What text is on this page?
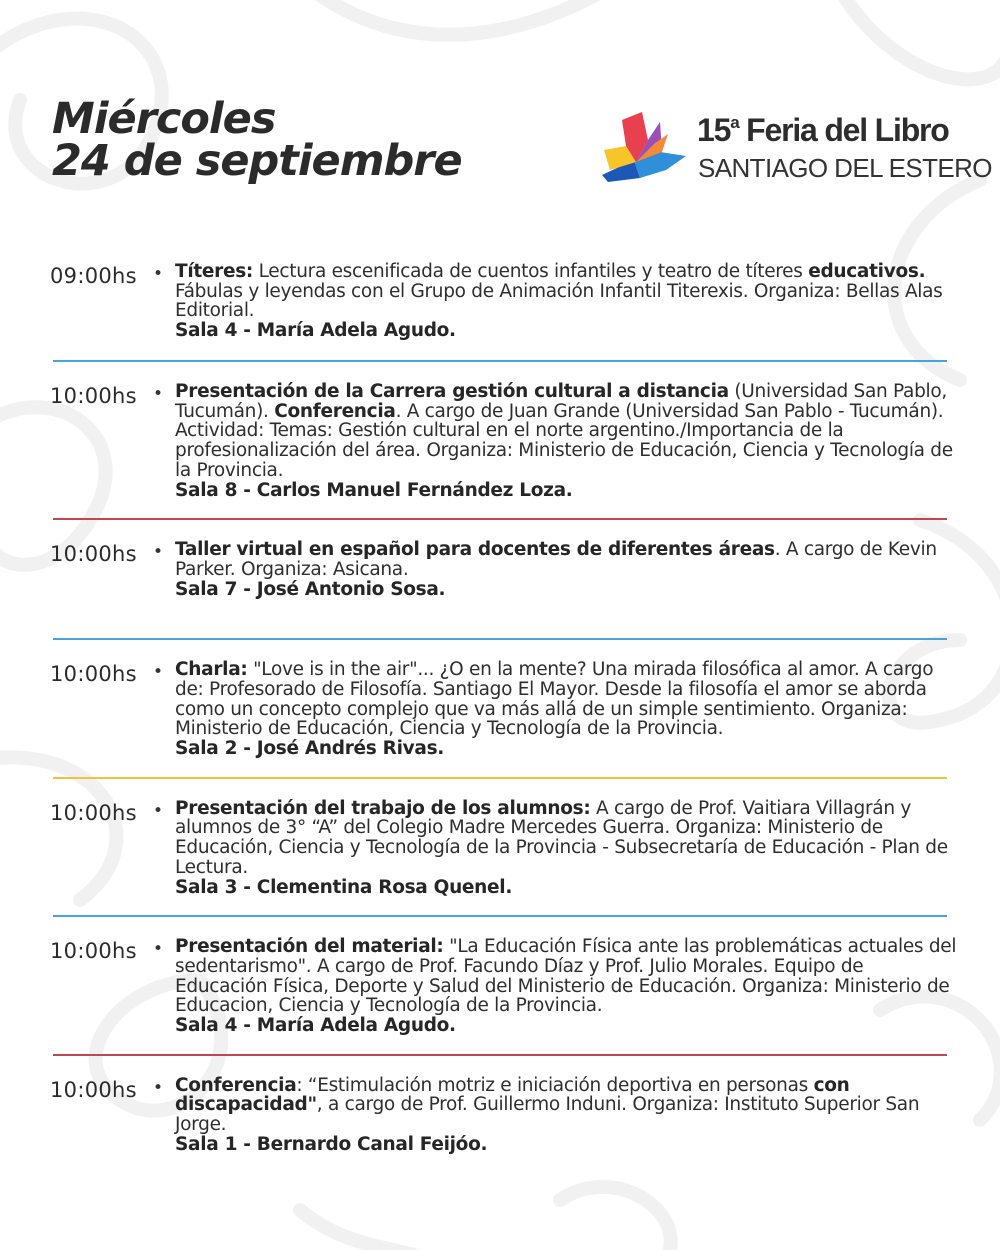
Miércoles
24 de septiembre
15$^a$ Feria del Libro
SANTIAGO DEL ESTERO
09:00hs • Títeres: Lectura escenificada de cuentos infantiles y teatro de títeres educativos. Fábulas y leyendas con el Grupo de Animación Infantil Titerexis. Organiza: Bellas Alas Editorial.

Sala 4 - María Adela Agudo.
10:00hs • Presentación de la Carrera gestión cultural a distancia (Universidad San Pablo, Tucumán). Conferencia. A cargo de Juan Grande (Universidad San Pablo - Tucumán). Actividad: Temas: Gestión cultural en el norte argentino./Importancia de la profesionalización del área. Organiza: Ministerio de Educación, Ciencia y Tecnología de la Provincia.

Sala 8 - Carlos Manuel Fernández Loza.
10:00hs • Taller virtual en español para docentes de diferentes áreas. A cargo de Kevin Parker. Organiza: Asicana.

Sala 7 - José Antonio Sosa.
10:00hs • Charla: "Love is in the air"... ¿O en la mente? Una mirada filosófica al amor. A cargo de: Profesorado de Filosofía. Santiago El Mayor. Desde la filosofía el amor se aborda como un concepto complejo que va más allá de un simple sentimiento. Organiza: Ministerio de Educación, Ciencia y Tecnología de la Provincia.

Sala 2 - José Andrés Rivas.
10:00hs • Presentación del trabajo de los alumnos: A cargo de Prof. Vaitiara Villagrán y alumnos de 3° “A” del Colegio Madre Mercedes Guerra. Organiza: Ministerio de Educación, Ciencia y Tecnología de la Provincia - Subsecretaría de Educación - Plan de Lectura.

Sala 3 - Clementina Rosa Quenel.
10:00hs • Presentación del material: "La Educación Física ante las problemáticas actuales del sedentarismo". A cargo de Prof. Facundo Díaz y Prof. Julio Morales. Equipo de Educación Física, Deporte y Salud del Ministerio de Educación. Organiza: Ministerio de Educacion, Ciencia y Tecnología de la Provincia.

Sala 4 - María Adela Agudo.
10:00hs • Conferencia: “Estimulación motriz e iniciación deportiva en personas con discapacidad", a cargo de Prof. Guillermo Induni. Organiza: Instituto Superior San Jorge.

Sala 1 - Bernardo Canal Feijóo.
